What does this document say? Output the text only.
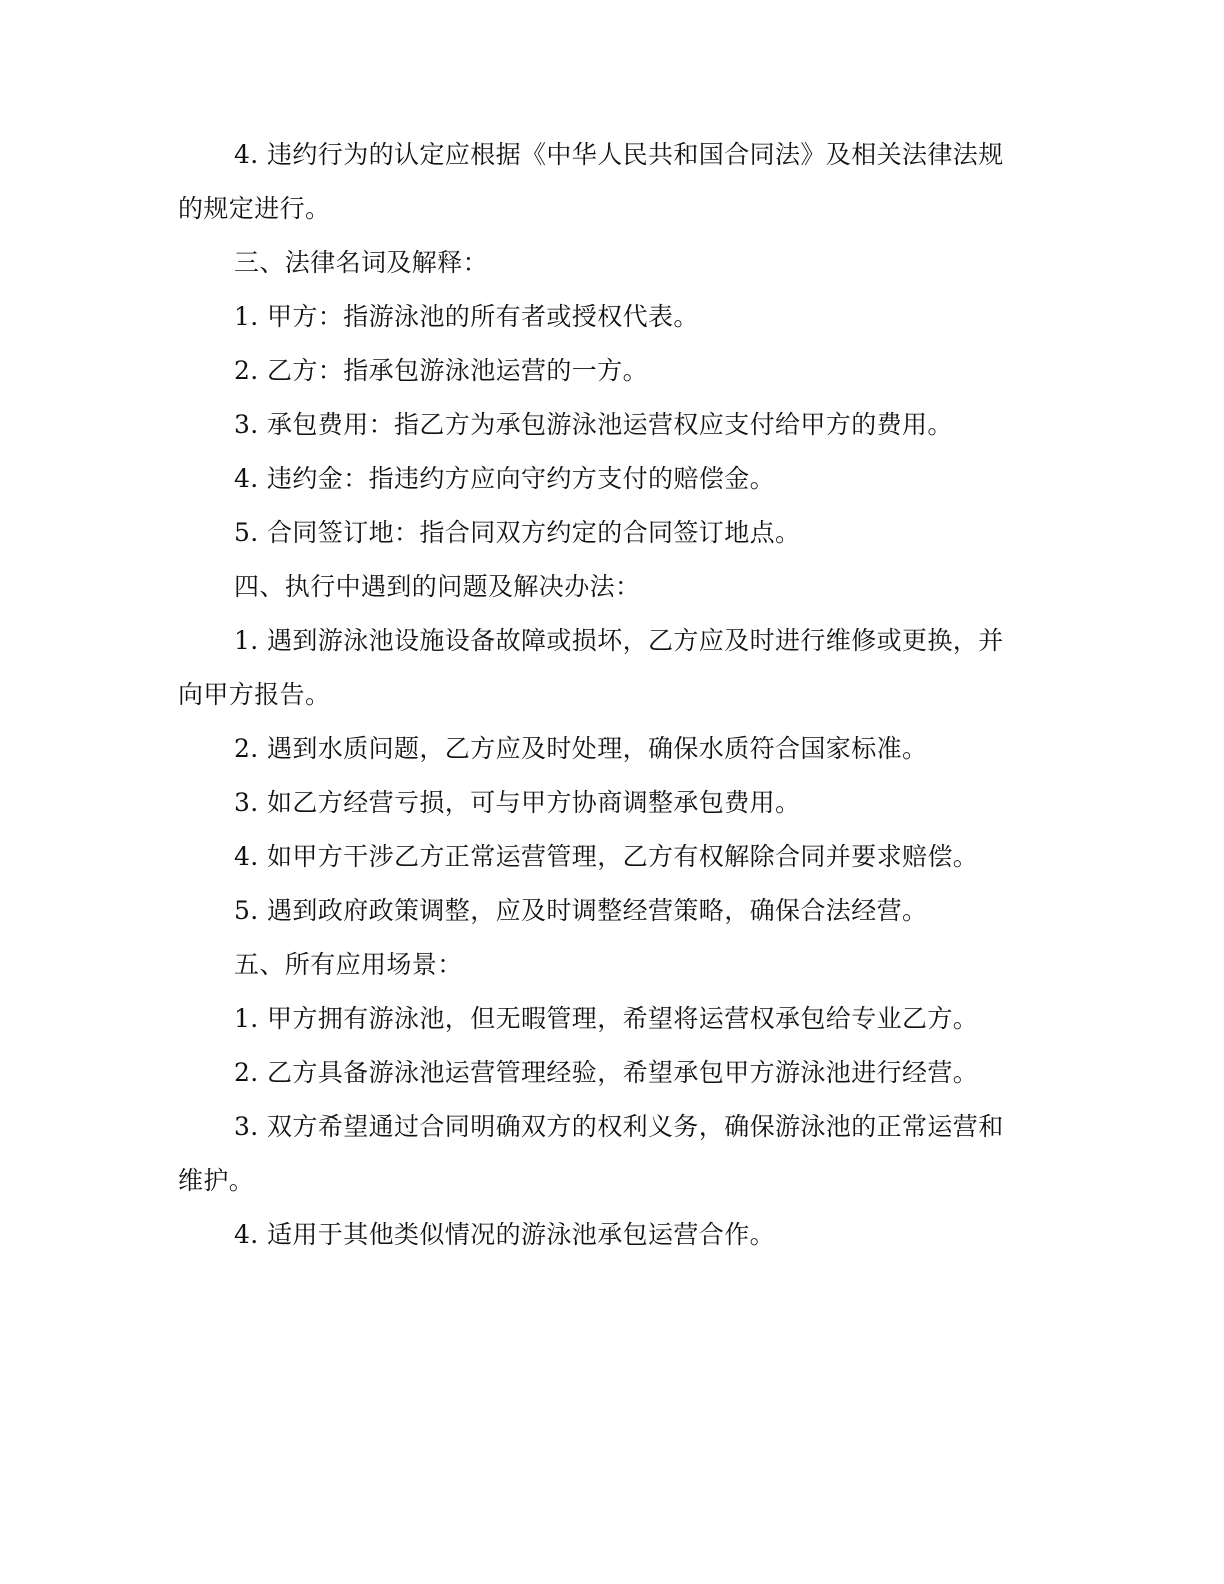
4. 违约行为的认定应根据《中华人民共和国合同法》及相关法律法规的规定进行。

三、法律名词及解释：

1. 甲方：指游泳池的所有者或授权代表。

2. 乙方：指承包游泳池运营的一方。

3. 承包费用：指乙方为承包游泳池运营权应支付给甲方的费用。

4. 违约金：指违约方应向守约方支付的赔偿金。

5. 合同签订地：指合同双方约定的合同签订地点。

四、执行中遇到的问题及解决办法：

1. 遇到游泳池设施设备故障或损坏，乙方应及时进行维修或更换，并向甲方报告。

2. 遇到水质问题，乙方应及时处理，确保水质符合国家标准。

3. 如乙方经营亏损，可与甲方协商调整承包费用。

4. 如甲方干涉乙方正常运营管理，乙方有权解除合同并要求赔偿。

5. 遇到政府政策调整，应及时调整经营策略，确保合法经营。

五、所有应用场景：

1. 甲方拥有游泳池，但无暇管理，希望将运营权承包给专业乙方。

2. 乙方具备游泳池运营管理经验，希望承包甲方游泳池进行经营。

3. 双方希望通过合同明确双方的权利义务，确保游泳池的正常运营和维护。

4. 适用于其他类似情况的游泳池承包运营合作。
